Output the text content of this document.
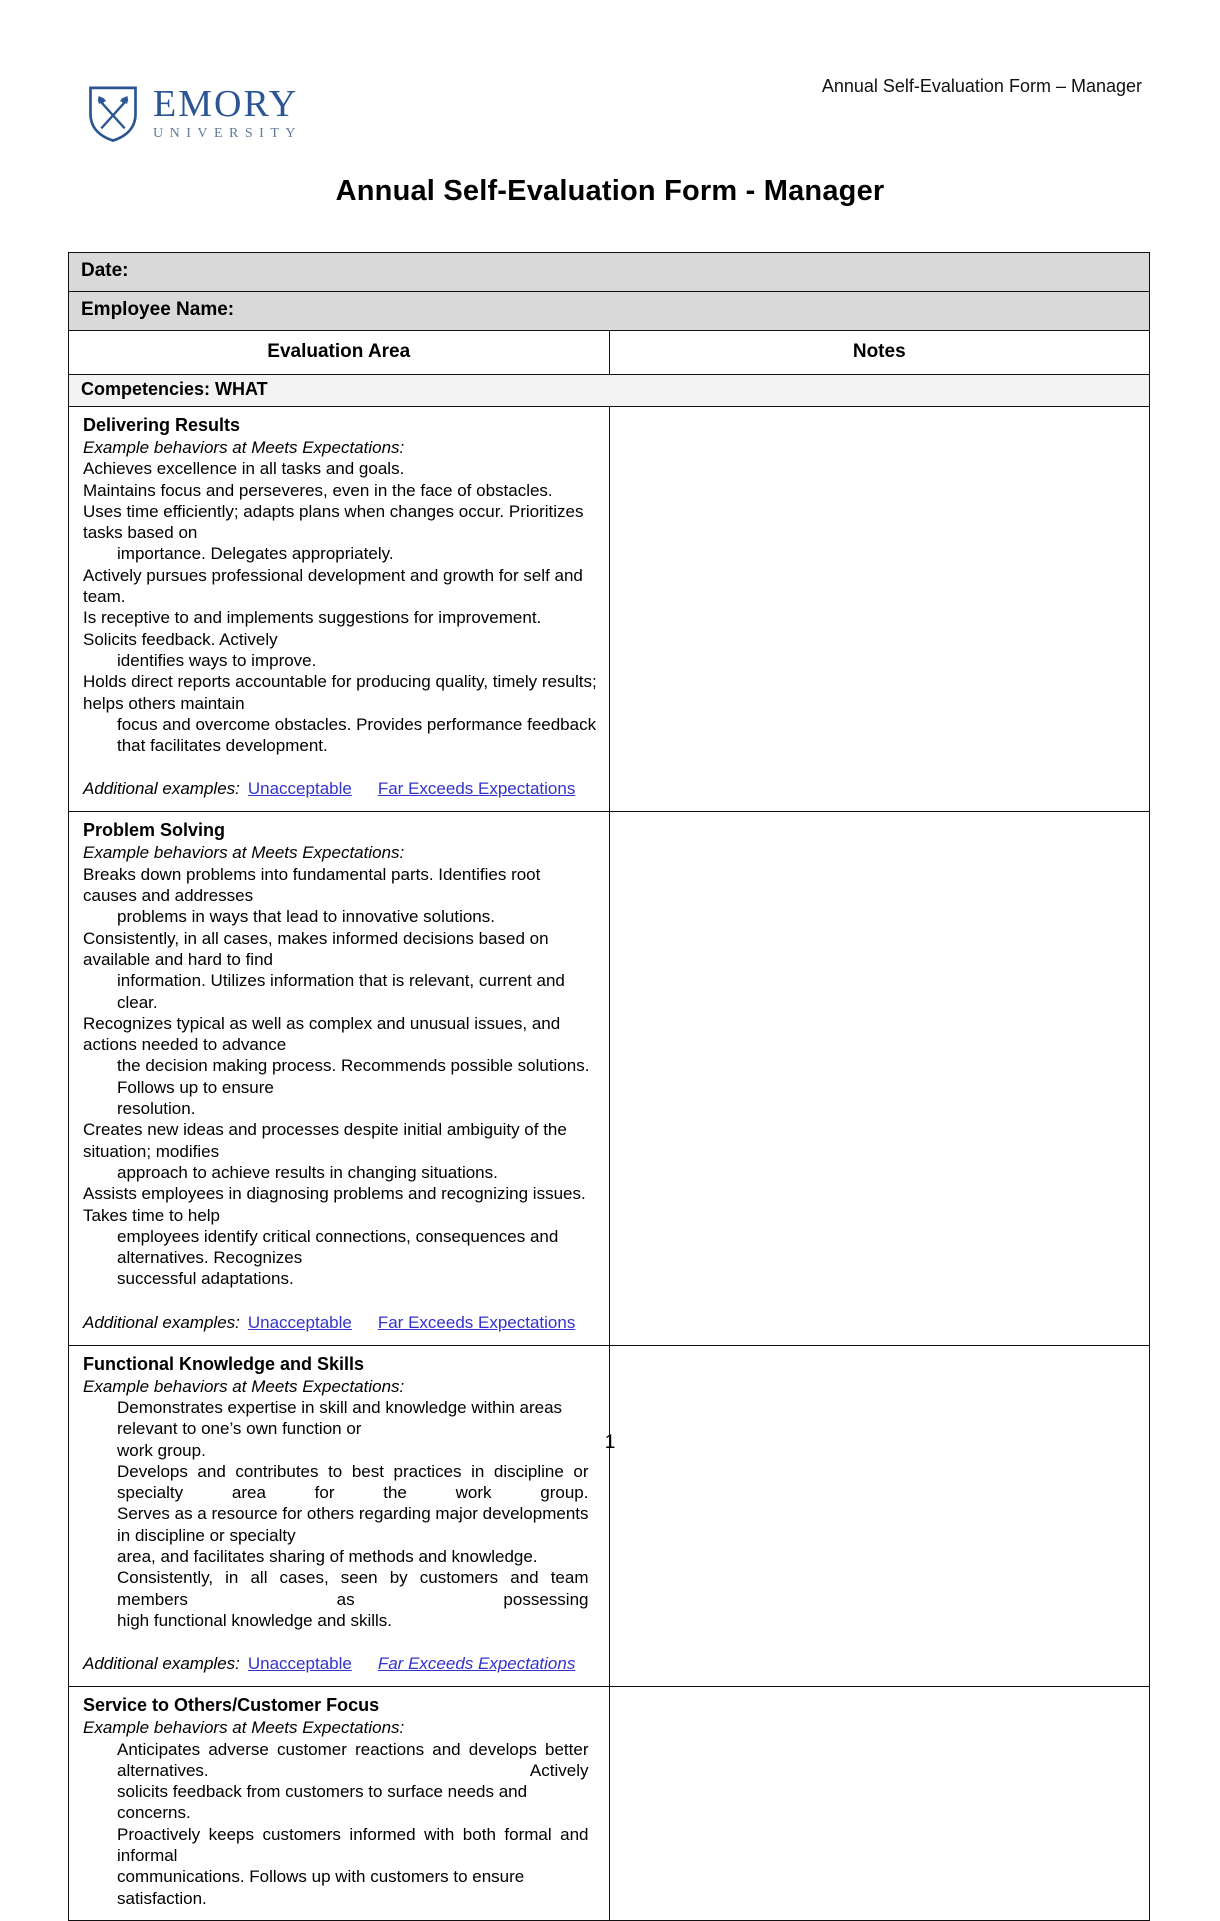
Annual Self-Evaluation Form – Manager
EMORY
UNIVERSITY
Annual Self-Evaluation Form - Manager
Date:	
Employee Name:	
Evaluation Area	Notes
Competencies: WHAT	

Delivering Results
Example behaviors at Meets Expectations:
Achieves excellence in all tasks and goals.
Maintains focus and perseveres, even in the face of obstacles.
Uses time efficiently; adapts plans when changes occur. Prioritizes tasks based on
importance. Delegates appropriately.
Actively pursues professional development and growth for self and team.
Is receptive to and implements suggestions for improvement. Solicits feedback. Actively
identifies ways to improve.
Holds direct reports accountable for producing quality, timely results; helps others maintain
focus and overcome obstacles. Provides performance feedback that facilitates development.
Additional examples: Unacceptable Far Exceeds Expectations

Problem Solving
Example behaviors at Meets Expectations:
Breaks down problems into fundamental parts. Identifies root causes and addresses
problems in ways that lead to innovative solutions.
Consistently, in all cases, makes informed decisions based on available and hard to find
information. Utilizes information that is relevant, current and clear.
Recognizes typical as well as complex and unusual issues, and actions needed to advance
the decision making process. Recommends possible solutions. Follows up to ensure
resolution.
Creates new ideas and processes despite initial ambiguity of the situation; modifies
approach to achieve results in changing situations.
Assists employees in diagnosing problems and recognizing issues. Takes time to help
employees identify critical connections, consequences and alternatives. Recognizes
successful adaptations.
Additional examples: Unacceptable Far Exceeds Expectations

Functional Knowledge and Skills
Example behaviors at Meets Expectations:
Demonstrates expertise in skill and knowledge within areas relevant to one’s own function or
work group.
Develops and contributes to best practices in discipline or specialty area for the work group.
Serves as a resource for others regarding major developments in discipline or specialty
area, and facilitates sharing of methods and knowledge.
Consistently, in all cases, seen by customers and team members as possessing
high functional knowledge and skills.
Additional examples: Unacceptable Far Exceeds Expectations

Service to Others/Customer Focus
Example behaviors at Meets Expectations:
Anticipates adverse customer reactions and develops better alternatives. Actively
solicits feedback from customers to surface needs and concerns.
Proactively keeps customers informed with both formal and informal
communications. Follows up with customers to ensure satisfaction.

1
